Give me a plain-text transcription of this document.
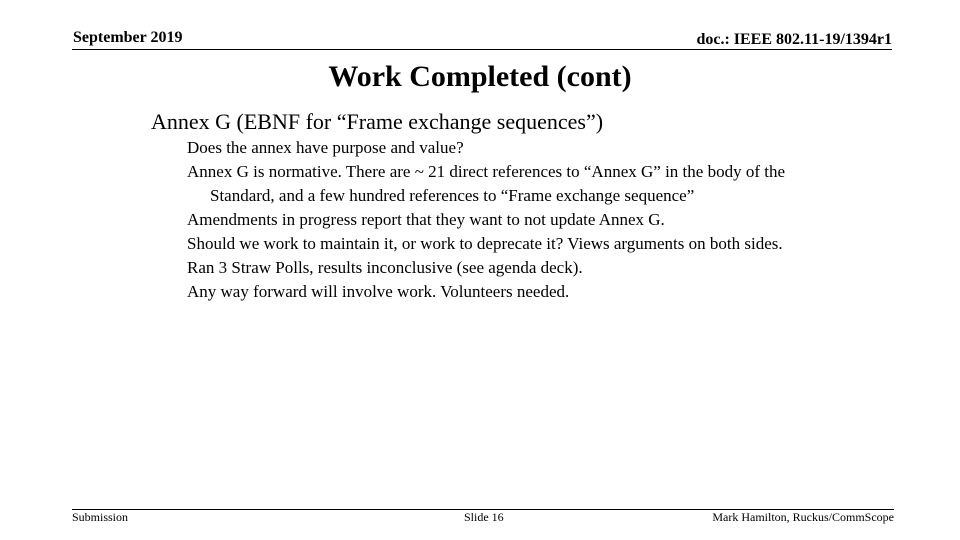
September 2019	doc.: IEEE 802.11-19/1394r1
Work Completed (cont)
Annex G (EBNF for “Frame exchange sequences”)
Does the annex have purpose and value?
Annex G is normative. There are ~ 21 direct references to “Annex G” in the body of the Standard, and a few hundred references to “Frame exchange sequence”
Amendments in progress report that they want to not update Annex G.
Should we work to maintain it, or work to deprecate it? Views arguments on both sides.
Ran 3 Straw Polls, results inconclusive (see agenda deck).
Any way forward will involve work. Volunteers needed.
Submission	Slide 16	Mark Hamilton, Ruckus/CommScope
